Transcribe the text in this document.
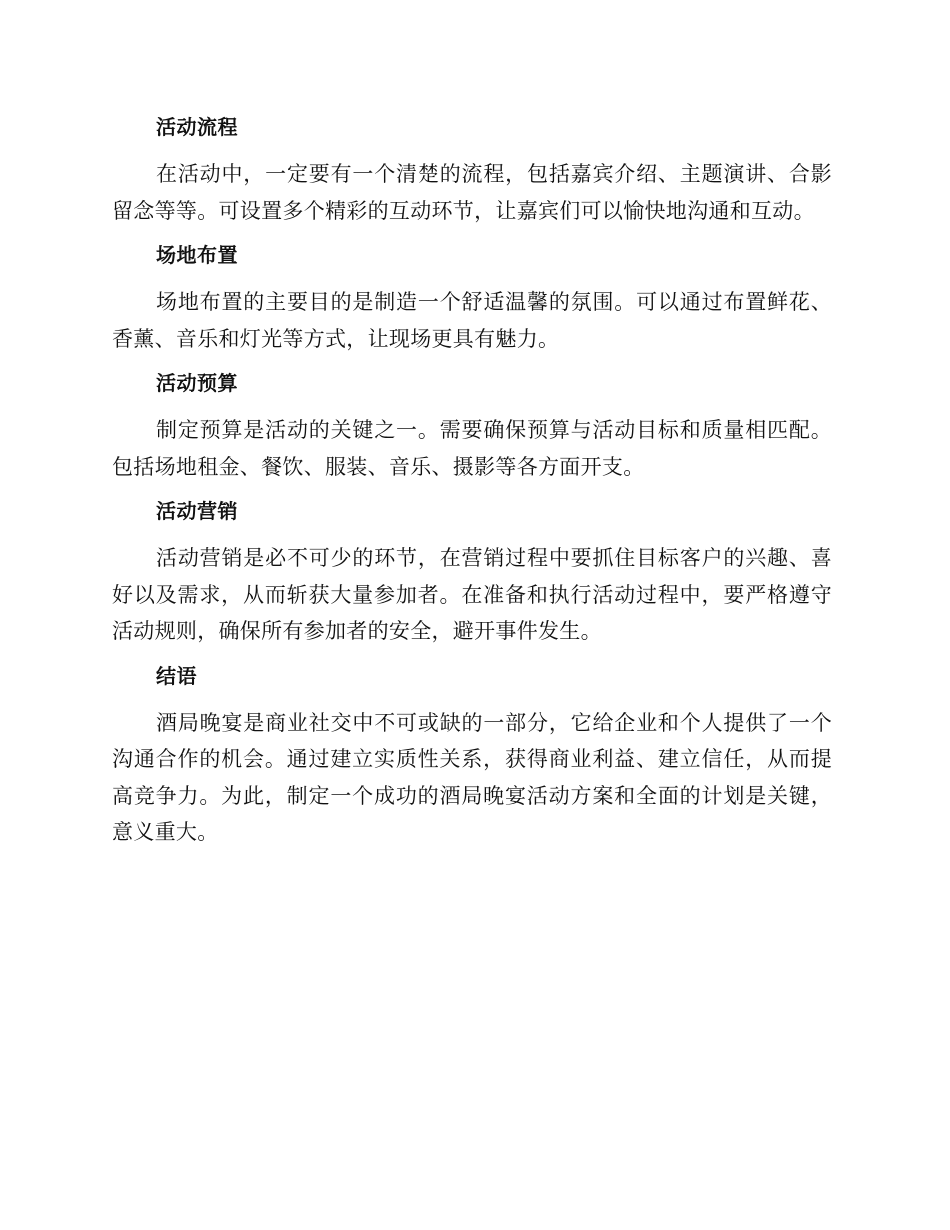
活动流程

在活动中，一定要有一个清楚的流程，包括嘉宾介绍、主题演讲、合影留念等等。可设置多个精彩的互动环节，让嘉宾们可以愉快地沟通和互动。

场地布置

场地布置的主要目的是制造一个舒适温馨的氛围。可以通过布置鲜花、香薰、音乐和灯光等方式，让现场更具有魅力。

活动预算

制定预算是活动的关键之一。需要确保预算与活动目标和质量相匹配。包括场地租金、餐饮、服装、音乐、摄影等各方面开支。

活动营销

活动营销是必不可少的环节，在营销过程中要抓住目标客户的兴趣、喜好以及需求，从而斩获大量参加者。在准备和执行活动过程中，要严格遵守活动规则，确保所有参加者的安全，避开事件发生。

结语

酒局晚宴是商业社交中不可或缺的一部分，它给企业和个人提供了一个沟通合作的机会。通过建立实质性关系，获得商业利益、建立信任，从而提高竞争力。为此，制定一个成功的酒局晚宴活动方案和全面的计划是关键，意义重大。
